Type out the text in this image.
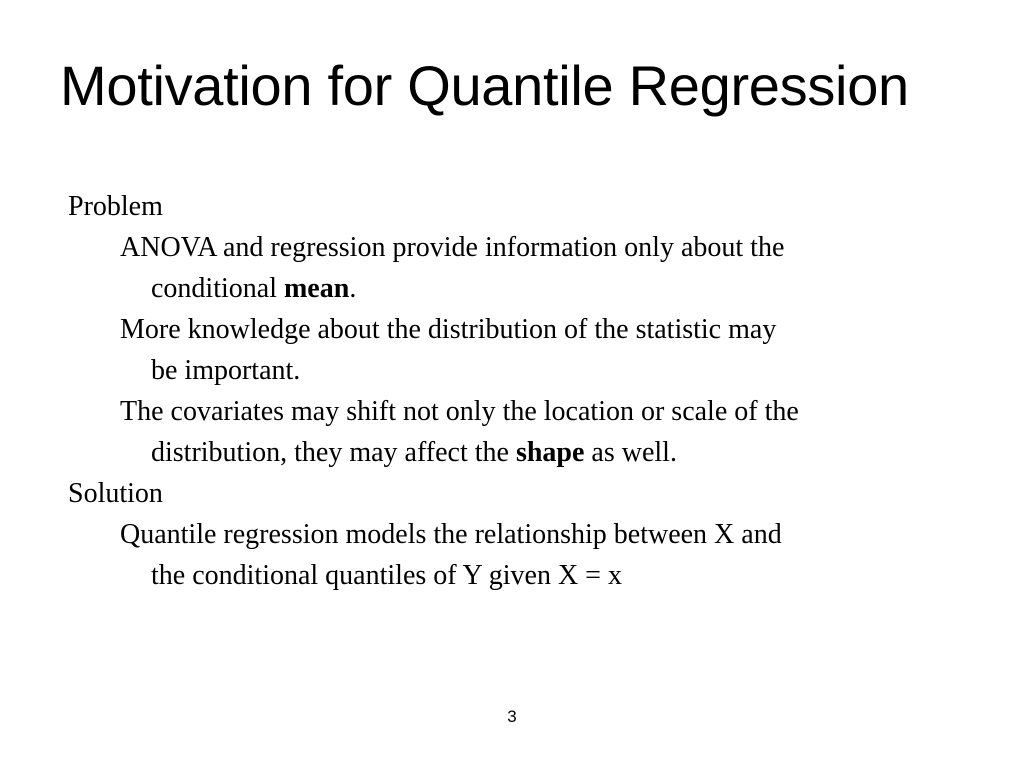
Motivation for Quantile Regression

Problem

ANOVA and regression provide information only about the
conditional mean.

More knowledge about the distribution of the statistic may
be important.

The covariates may shift not only the location or scale of the
distribution, they may affect the shape as well.

Solution

Quantile regression models the relationship between X and
the conditional quantiles of Y given X = x

3
